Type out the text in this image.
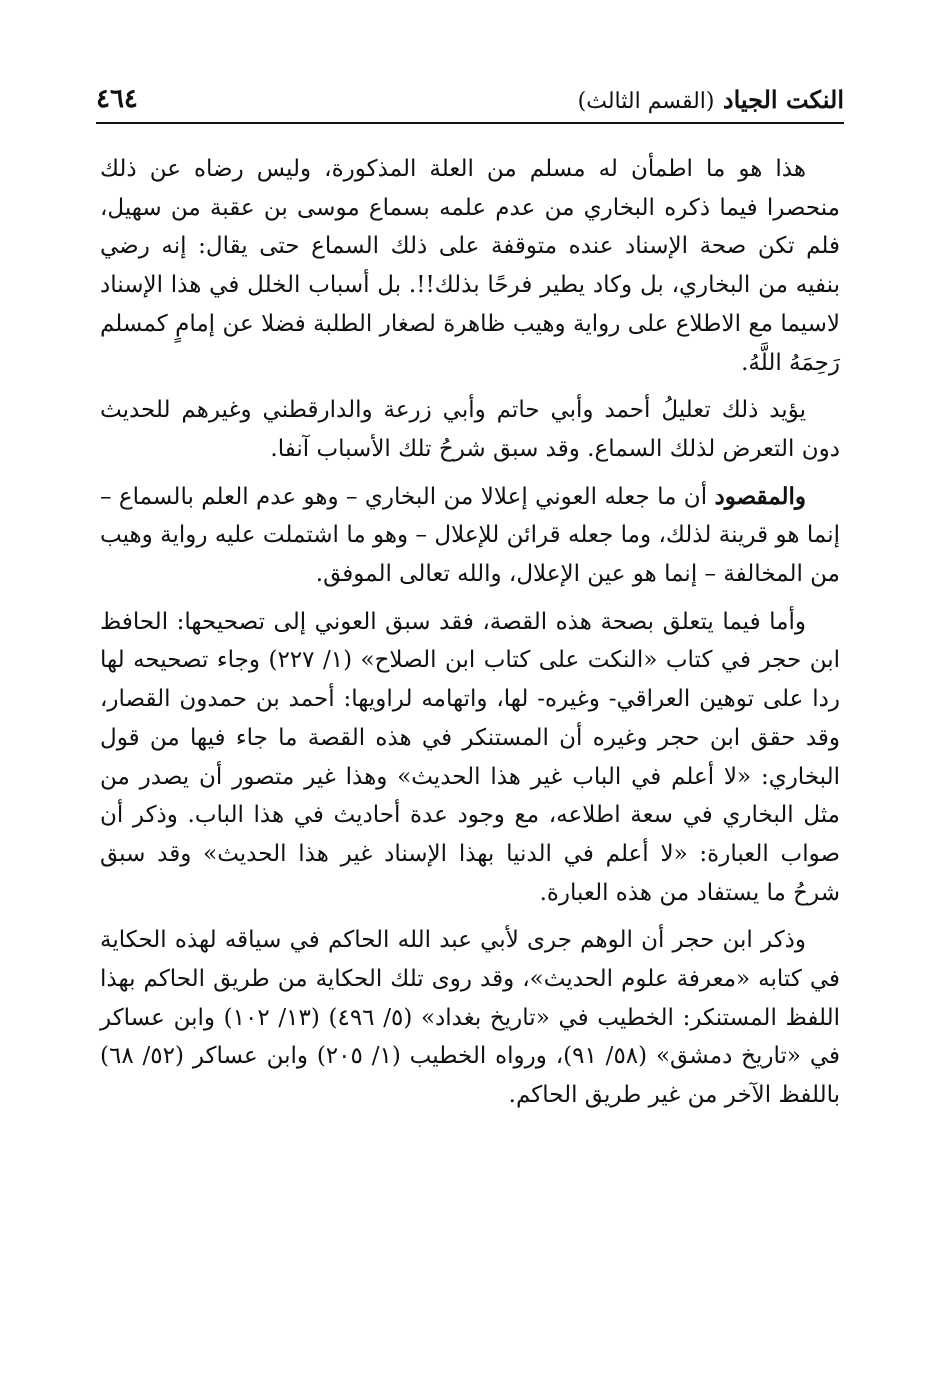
النكت الجياد (القسم الثالث)
٤٦٤

هذا هو ما اطمأن له مسلم من العلة المذكورة، وليس رضاه عن ذلك منحصرا فيما ذكره البخاري من عدم علمه بسماع موسى بن عقبة من سهيل، فلم تكن صحة الإسناد عنده متوقفة على ذلك السماع حتى يقال: إنه رضي بنفيه من البخاري، بل وكاد يطير فرحًا بذلك!!. بل أسباب الخلل في هذا الإسناد لاسيما مع الاطلاع على رواية وهيب ظاهرة لصغار الطلبة فضلا عن إمامٍ كمسلم رَحِمَهُ اللَّهُ.

يؤيد ذلك تعليلُ أحمد وأبي حاتم وأبي زرعة والدارقطني وغيرهم للحديث دون التعرض لذلك السماع. وقد سبق شرحُ تلك الأسباب آنفا.

والمقصود أن ما جعله العوني إعلالا من البخاري – وهو عدم العلم بالسماع – إنما هو قرينة لذلك، وما جعله قرائن للإعلال – وهو ما اشتملت عليه رواية وهيب من المخالفة – إنما هو عين الإعلال، والله تعالى الموفق.

وأما فيما يتعلق بصحة هذه القصة، فقد سبق العوني إلى تصحيحها: الحافظ ابن حجر في كتاب «النكت على كتاب ابن الصلاح» (١/ ٢٢٧) وجاء تصحيحه لها ردا على توهين العراقي- وغيره- لها، واتهامه لراويها: أحمد بن حمدون القصار، وقد حقق ابن حجر وغيره أن المستنكر في هذه القصة ما جاء فيها من قول البخاري: «لا أعلم في الباب غير هذا الحديث» وهذا غير متصور أن يصدر من مثل البخاري في سعة اطلاعه، مع وجود عدة أحاديث في هذا الباب. وذكر أن صواب العبارة: «لا أعلم في الدنيا بهذا الإسناد غير هذا الحديث» وقد سبق شرحُ ما يستفاد من هذه العبارة.

وذكر ابن حجر أن الوهم جرى لأبي عبد الله الحاكم في سياقه لهذه الحكاية في كتابه «معرفة علوم الحديث»، وقد روى تلك الحكاية من طريق الحاكم بهذا اللفظ المستنكر: الخطيب في «تاريخ بغداد» (٥/ ٤٩٦) (١٣/ ١٠٢) وابن عساكر في «تاريخ دمشق» (٥٨/ ٩١)، ورواه الخطيب (١/ ٢٠٥) وابن عساكر (٥٢/ ٦٨) باللفظ الآخر من غير طريق الحاكم.
